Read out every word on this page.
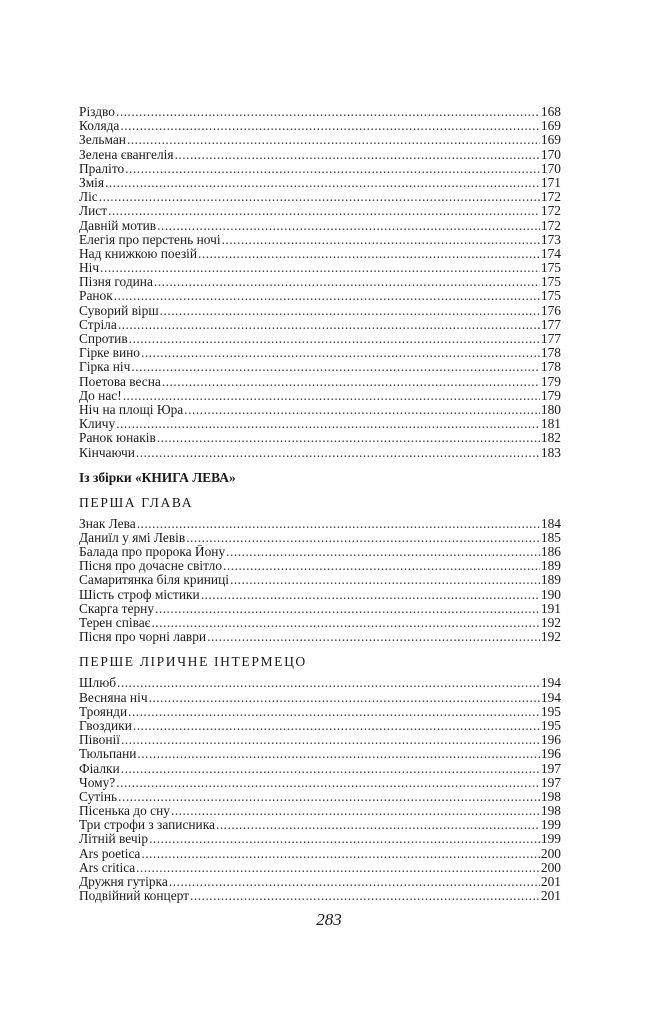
Різдво .....	168
Коляда .....	169
Зельман .....	169
Зелена євангелія .....	170
Праліто .....	170
Змія .....	171
Ліс .....	172
Лист .....	172
Давній мотив .....	172
Елегія про перстень ночі .....	173
Над книжкою поезій .....	174
Ніч .....	175
Пізня година .....	175
Ранок .....	175
Суворий вірш .....	176
Стріла .....	177
Спротив .....	177
Гірке вино .....	178
Гірка ніч .....	178
Поетова весна .....	179
До нас! .....	179
Ніч на площі Юра .....	180
Кличу .....	181
Ранок юнаків .....	182
Кінчаючи .....	183
Із збірки «КНИГА ЛЕВА»
ПЕРША ГЛАВА
Знак Лева .....	184
Даниїл у ямі Левів .....	185
Балада про пророка Йону .....	186
Пісня про дочасне світло .....	189
Самаритянка біля криниці .....	189
Шість строф містики .....	190
Скарга терну .....	191
Терен співає .....	192
Пісня про чорні лаври .....	192
ПЕРШЕ ЛІРИЧНЕ ІНТЕРМЕЦО
Шлюб .....	194
Весняна ніч .....	194
Троянди .....	195
Гвоздики .....	195
Півонії .....	196
Тюльпани .....	196
Фіалки .....	197
Чому? .....	197
Сутінь .....	198
Пісенька до сну .....	198
Три строфи з записника .....	199
Літній вечір .....	199
Ars poetica .....	200
Ars critica .....	200
Дружня гутірка .....	201
Подвійний концерт .....	201
283
